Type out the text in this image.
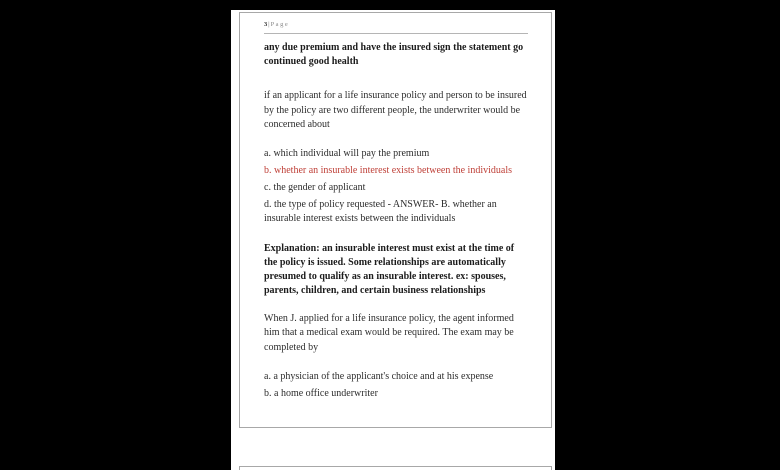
3|Page

any due premium and have the insured sign the statement go continued good health

if an applicant for a life insurance policy and person to be insured by the policy are two different people, the underwriter would be concerned about

a. which individual will pay the premium

b. whether an insurable interest exists between the individuals

c. the gender of applicant

d. the type of policy requested - ANSWER- B. whether an insurable interest exists between the individuals

Explanation: an insurable interest must exist at the time of the policy is issued. Some relationships are automatically presumed to qualify as an insurable interest. ex: spouses, parents, children, and certain business relationships

When J. applied for a life insurance policy, the agent informed him that a medical exam would be required. The exam may be completed by

a. a physician of the applicant's choice and at his expense

b. a home office underwriter
